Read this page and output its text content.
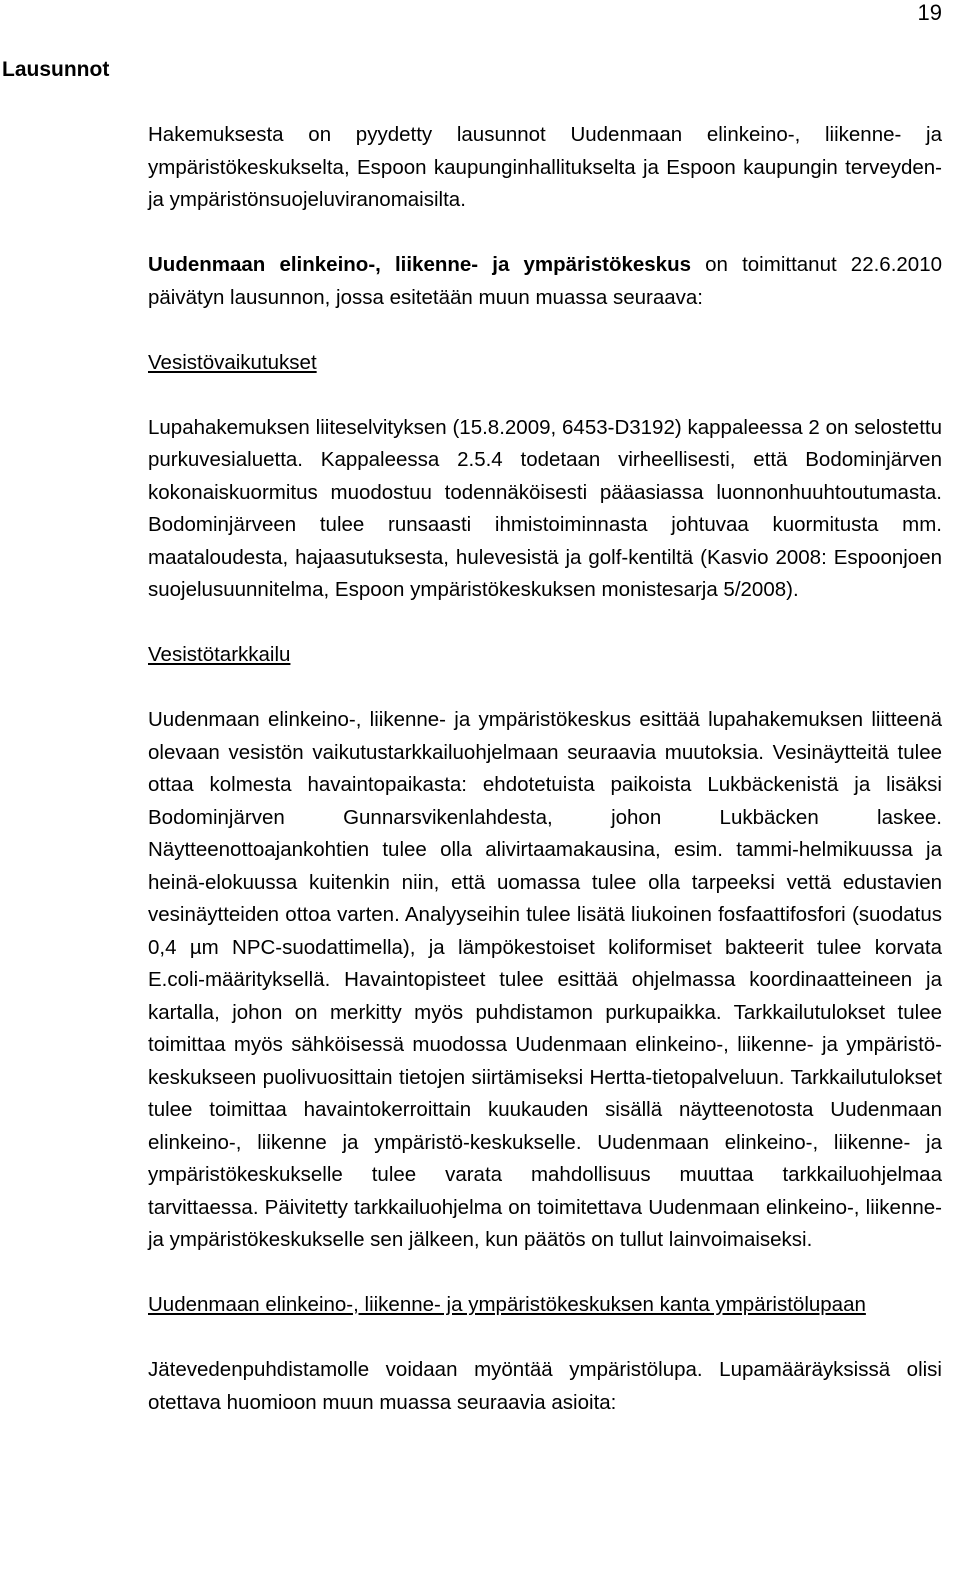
19
Lausunnot

Hakemuksesta on pyydetty lausunnot Uudenmaan elinkeino-, liikenne- ja ympäristökeskukselta, Espoon kaupunginhallitukselta ja Espoon kaupungin terveyden- ja ympäristönsuojeluviranomaisilta.

Uudenmaan elinkeino-, liikenne- ja ympäristökeskus on toimittanut 22.6.2010 päivätyn lausunnon, jossa esitetään muun muassa seuraava:

Vesistövaikutukset

Lupahakemuksen liiteselvityksen (15.8.2009, 6453-D3192) kappaleessa 2 on selostettu purkuvesialuetta. Kappaleessa 2.5.4 todetaan virheellisesti, että Bodominjärven kokonaiskuormitus muodostuu todennäköisesti pääasiassa luonnonhuuhtoutumasta. Bodominjärveen tulee runsaasti ihmistoiminnasta johtuvaa kuormitusta mm. maataloudesta, hajaasutuksesta, hulevesistä ja golf-kentiltä (Kasvio 2008: Espoonjoen suojelusuunnitelma, Espoon ympäristökeskuksen monistesarja 5/2008).

Vesistötarkkailu

Uudenmaan elinkeino-, liikenne- ja ympäristökeskus esittää lupahakemuksen liitteenä olevaan vesistön vaikutustarkkailuohjelmaan seuraavia muutoksia. Vesinäytteitä tulee ottaa kolmesta havaintopaikasta: ehdotetuista paikoista Lukbäckenistä ja lisäksi Bodominjärven Gunnarsvikenlahdesta, johon Lukbäcken laskee. Näytteenottoajankohtien tulee olla alivirtaamakausina, esim. tammi-helmikuussa ja heinä-elokuussa kuitenkin niin, että uomassa tulee olla tarpeeksi vettä edustavien vesinäytteiden ottoa varten. Analyyseihin tulee lisätä liukoinen fosfaattifosfori (suodatus 0,4 µm NPC-suodattimella), ja lämpökestoiset koliformiset bakteerit tulee korvata E.coli-määrityksellä. Havaintopisteet tulee esittää ohjelmassa koordinaatteineen ja kartalla, johon on merkitty myös puhdistamon purkupaikka. Tarkkailutulokset tulee toimittaa myös sähköisessä muodossa Uudenmaan elinkeino-, liikenne- ja ympäristö-keskukseen puolivuosittain tietojen siirtämiseksi Hertta-tietopalveluun. Tarkkailutulokset tulee toimittaa havaintokerroittain kuukauden sisällä näytteenotosta Uudenmaan elinkeino-, liikenne ja ympäristö-keskukselle. Uudenmaan elinkeino-, liikenne- ja ympäristökeskukselle tulee varata mahdollisuus muuttaa tarkkailuohjelmaa tarvittaessa. Päivitetty tarkkailuohjelma on toimitettava Uudenmaan elinkeino-, liikenne- ja ympäristökeskukselle sen jälkeen, kun päätös on tullut lainvoimaiseksi.

Uudenmaan elinkeino-, liikenne- ja ympäristökeskuksen kanta ympäristölupaan

Jätevedenpuhdistamolle voidaan myöntää ympäristölupa. Lupamääräyksissä olisi otettava huomioon muun muassa seuraavia asioita:
